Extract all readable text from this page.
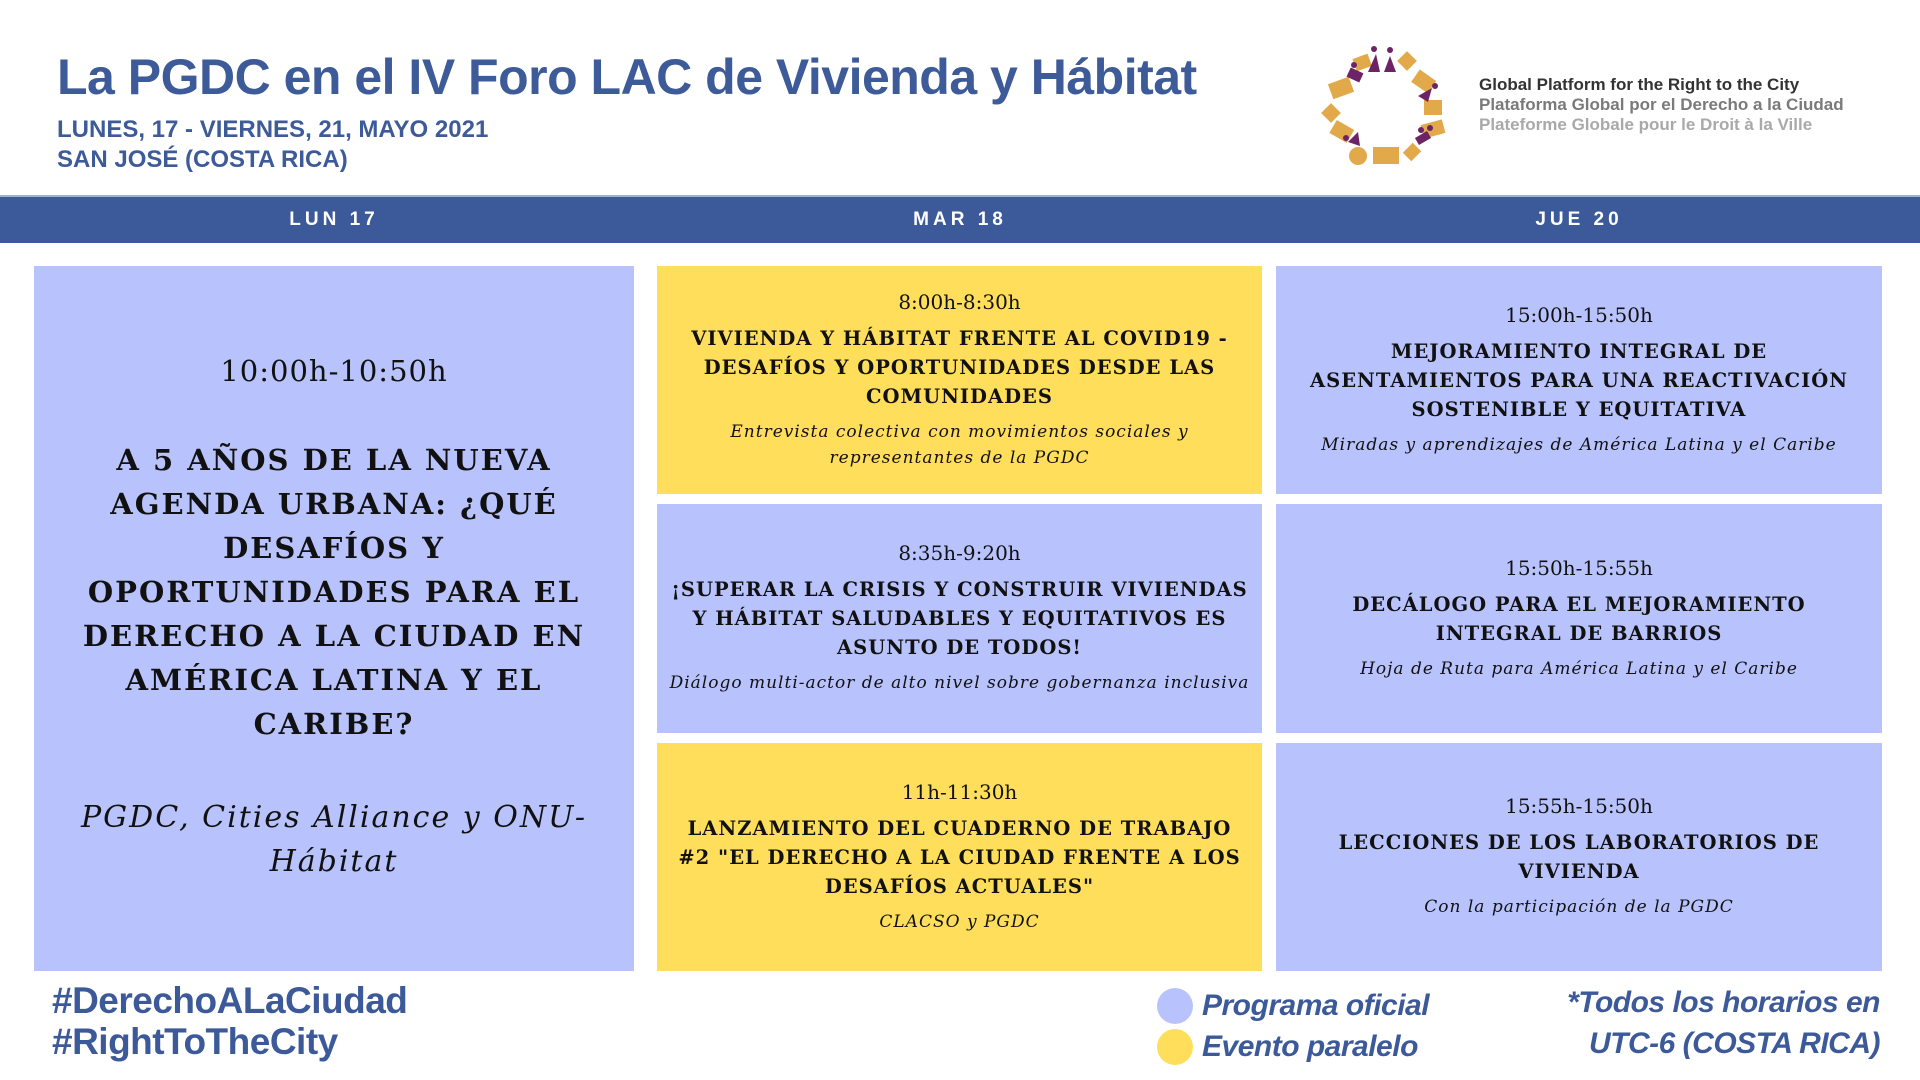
La PGDC en el IV Foro LAC de Vivienda y Hábitat
LUNES, 17 - VIERNES, 21, MAYO 2021
SAN JOSÉ (COSTA RICA)
Global Platform for the Right to the City
Plataforma Global por el Derecho a la Ciudad
Plateforme Globale pour le Droit à la Ville
LUN 17	MAR 18	JUE 20
10:00h-10:50h
A 5 AÑOS DE LA NUEVA AGENDA URBANA: ¿QUÉ DESAFÍOS Y OPORTUNIDADES PARA EL DERECHO A LA CIUDAD EN AMÉRICA LATINA Y EL CARIBE?
PGDC, Cities Alliance y ONU-Hábitat
8:00h-8:30h
VIVIENDA Y HÁBITAT FRENTE AL COVID19 - DESAFÍOS Y OPORTUNIDADES DESDE LAS COMUNIDADES
Entrevista colectiva con movimientos sociales y representantes de la PGDC
8:35h-9:20h
¡SUPERAR LA CRISIS Y CONSTRUIR VIVIENDAS Y HÁBITAT SALUDABLES Y EQUITATIVOS ES ASUNTO DE TODOS!
Diálogo multi-actor de alto nivel sobre gobernanza inclusiva
11h-11:30h
LANZAMIENTO DEL CUADERNO DE TRABAJO #2 "EL DERECHO A LA CIUDAD FRENTE A LOS DESAFÍOS ACTUALES"
CLACSO y PGDC
15:00h-15:50h
MEJORAMIENTO INTEGRAL DE ASENTAMIENTOS PARA UNA REACTIVACIÓN SOSTENIBLE Y EQUITATIVA
Miradas y aprendizajes de América Latina y el Caribe
15:50h-15:55h
DECÁLOGO PARA EL MEJORAMIENTO INTEGRAL DE BARRIOS
Hoja de Ruta para América Latina y el Caribe
15:55h-15:50h
LECCIONES DE LOS LABORATORIOS DE VIVIENDA
Con la participación de la PGDC
#DerechoALaCiudad
#RightToTheCity
Programa oficial
Evento paralelo
*Todos los horarios en
UTC-6 (COSTA RICA)
